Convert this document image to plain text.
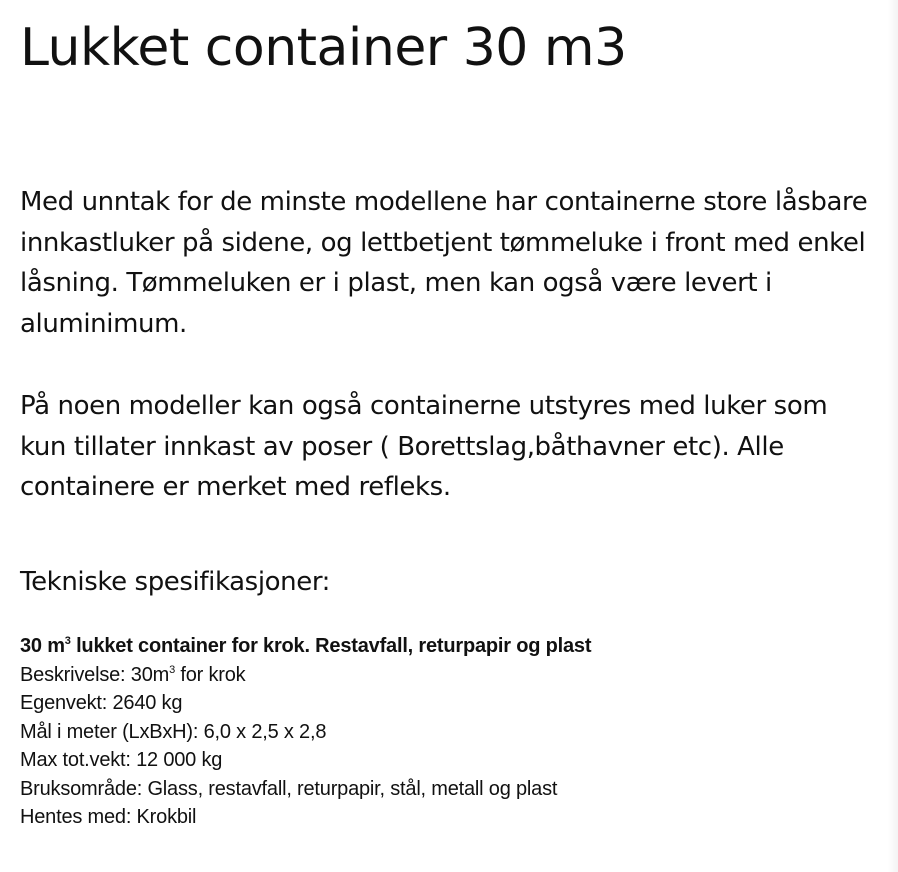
Lukket container 30 m3

Med unntak for de minste modellene har containerne store låsbare innkastluker på sidene, og lettbetjent tømmeluke i front med enkel låsning. Tømmeluken er i plast, men kan også være levert i aluminimum.

På noen modeller kan også containerne utstyres med luker som kun tillater innkast av poser ( Borettslag,båthavner etc). Alle containere er merket med refleks.

Tekniske spesifikasjoner:
30 $m^3$ lukket container for krok. Restavfall, returpapir og plast
Beskrivelse: $30m^3$ for krok
Egenvekt: 2640 kg
Mål i meter (LxBxH): 6,0 x 2,5 x 2,8
Max tot.vekt: 12 000 kg
Bruksområde: Glass, restavfall, returpapir, stål, metall og plast
Hentes med: Krokbil
